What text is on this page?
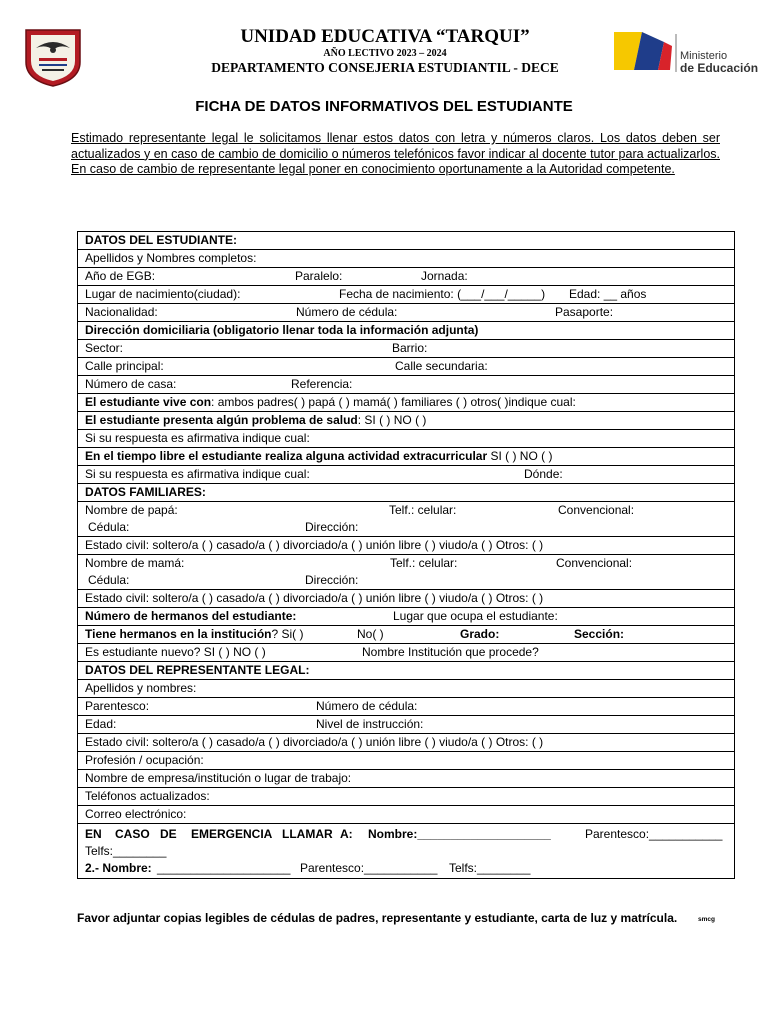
UNIDAD EDUCATIVA “TARQUI”
AÑO LECTIVO 2023 – 2024
DEPARTAMENTO CONSEJERIA ESTUDIANTIL - DECE
Ministerio
de Educación
FICHA DE DATOS INFORMATIVOS DEL ESTUDIANTE
Estimado representante legal le solicitamos llenar estos datos con letra y números claros. Los datos deben ser actualizados y en caso de cambio de domicilio o números telefónicos favor indicar al docente tutor para actualizarlos. En caso de cambio de representante legal poner en conocimiento oportunamente a la Autoridad competente.
DATOS DEL ESTUDIANTE:
Apellidos y Nombres completos:

Año de EGB:	Paralelo:	Jornada:

Lugar de nacimiento(ciudad):	Fecha de nacimiento: (___/___/_____) Edad: __ años

Nacionalidad:	Número de cédula:	Pasaporte:

Dirección domiciliaria (obligatorio llenar toda la información adjunta)

Sector:	Barrio:

Calle principal:	Calle secundaria:

Número de casa:	Referencia:

El estudiante vive con: ambos padres( ) papá ( ) mamá( ) familiares ( ) otros( )indique cual:
El estudiante presenta algún problema de salud: SI ( ) NO ( )
Si su respuesta es afirmativa indique cual:
En el tiempo libre el estudiante realiza alguna actividad extracurricular SI ( ) NO ( )

Si su respuesta es afirmativa indique cual:	Dónde:

DATOS FAMILIARES:

Nombre de papá:	Telf.: celular:	Convencional:
Cédula:	Dirección:

Estado civil: soltero/a ( ) casado/a ( ) divorciado/a ( ) unión libre ( ) viudo/a ( ) Otros: ( )

Nombre de mamá:	Telf.: celular:	Convencional:
Cédula:	Dirección:

Estado civil: soltero/a ( ) casado/a ( ) divorciado/a ( ) unión libre ( ) viudo/a ( ) Otros: ( )

Número de hermanos del estudiante:	Lugar que ocupa el estudiante:

Tiene hermanos en la institución? Si( )	No( )	Grado:	Sección:

Es estudiante nuevo? SI ( ) NO ( )	Nombre Institución que procede?

DATOS DEL REPRESENTANTE LEGAL:
Apellidos y nombres:

Parentesco:	Número de cédula:

Edad:	Nivel de instrucción:

Estado civil: soltero/a ( ) casado/a ( ) divorciado/a ( ) unión libre ( ) viudo/a ( ) Otros: ( )
Profesión / ocupación:
Nombre de empresa/institución o lugar de trabajo:
Teléfonos actualizados:
Correo electrónico:

EN CASO DE EMERGENCIA LLAMAR A: Nombre:____________________	Parentesco:___________
Telfs:________
2.- Nombre: ____________________ Parentesco:___________ Telfs:________
Favor adjuntar copias legibles de cédulas de padres, representante y estudiante, carta de luz y matrícula.	smcg
